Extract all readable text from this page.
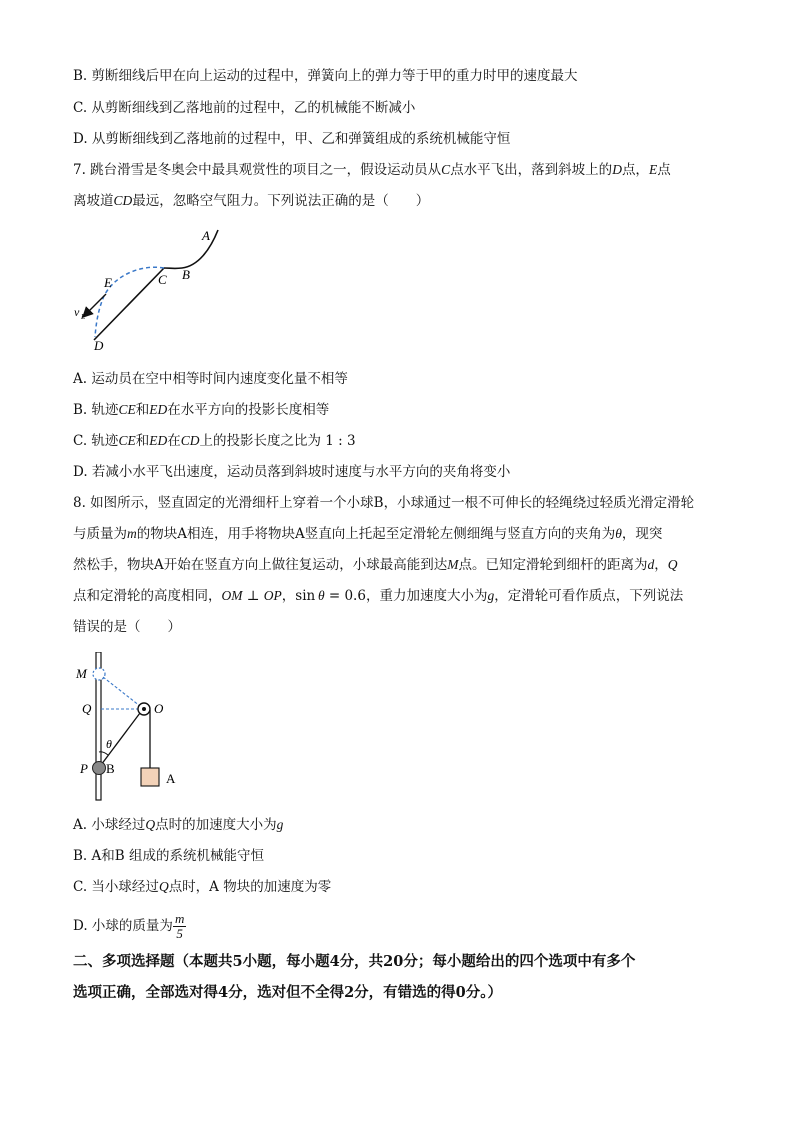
B. 剪断细线后甲在向上运动的过程中，弹簧向上的弹力等于甲的重力时甲的速度最大
C. 从剪断细线到乙落地前的过程中，乙的机械能不断减小
D. 从剪断细线到乙落地前的过程中，甲、乙和弹簧组成的系统机械能守恒
7. 跳台滑雪是冬奥会中最具观赏性的项目之一，假设运动员从C点水平飞出，落到斜坡上的D点，E点
离坡道CD最远，忽略空气阻力。下列说法正确的是（　　）
A
B
C
E
v E
D
A. 运动员在空中相等时间内速度变化量不相等
B. 轨迹CE和ED在水平方向的投影长度相等
C. 轨迹CE和ED在CD上的投影长度之比为 1 : 3
D. 若减小水平飞出速度，运动员落到斜坡时速度与水平方向的夹角将变小
8. 如图所示，竖直固定的光滑细杆上穿着一个小球B，小球通过一根不可伸长的轻绳绕过轻质光滑定滑轮
与质量为m的物块A相连，用手将物块A竖直向上托起至定滑轮左侧细绳与竖直方向的夹角为θ，现突
然松手，物块A开始在竖直方向上做往复运动，小球最高能到达M点。已知定滑轮到细杆的距离为d，Q
点和定滑轮的高度相同，OM ⊥ OP，sin  θ = 0.6，重力加速度大小为g，定滑轮可看作质点，下列说法
错误的是（　　）
M
Q	O
θ
P B
A
A. 小球经过Q点时的加速度大小为g
B. A和B 组成的系统机械能守恒
C. 当小球经过Q点时，A 物块的加速度为零
D. 小球的质量为 $\frac{m}{5}$
二、多项选择题（本题共5小题，每小题4分，共20分；每小题给出的四个选项中有多个
选项正确，全部选对得4分，选对但不全得2分，有错选的得0分。）
